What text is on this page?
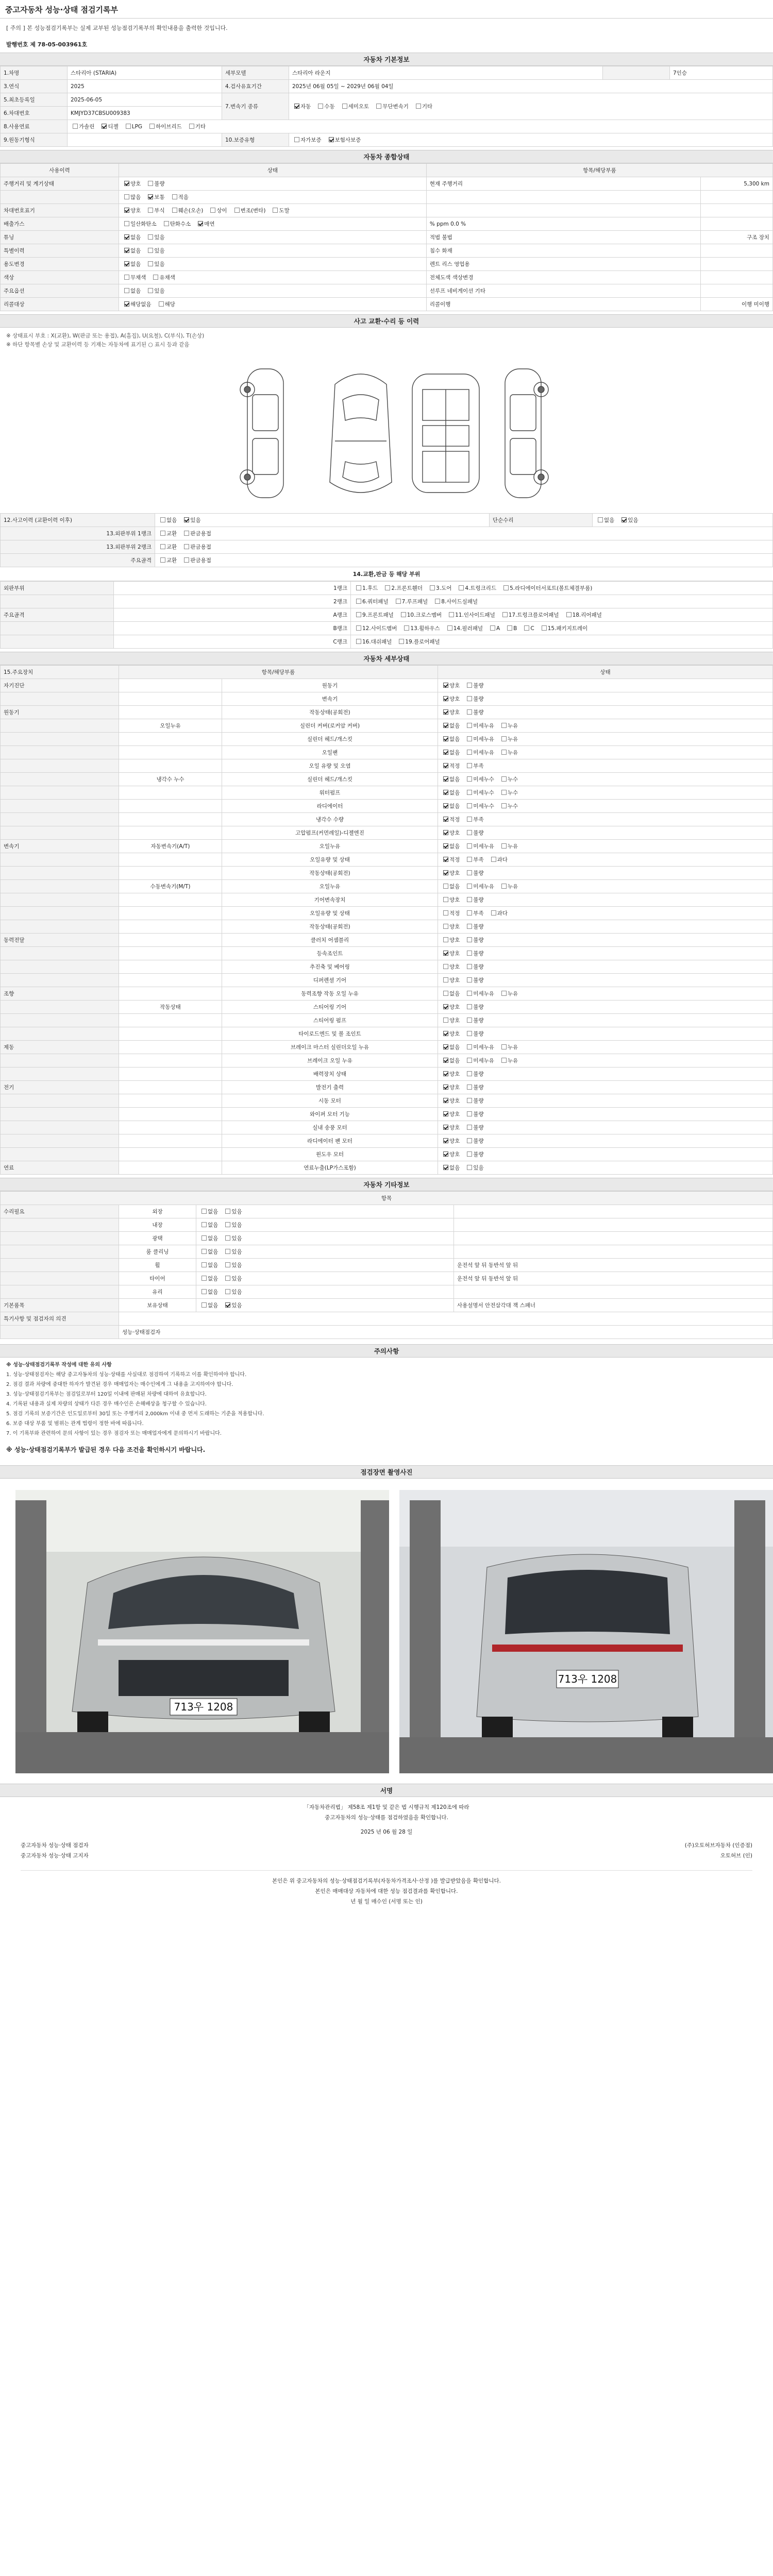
중고자동차 성능·상태 점검기록부
[ 주의 ] 본 성능점검기록부는 실제 교부된 성능점검기록부의 확인내용을 출력한 것입니다.
발행번호 제 78-05-003961호
자동차 기본정보
1.차명	스타리아 (STARIA)	세부모델	스타리아 라운지		7인승
3.연식	2025	4.검사유효기간	2025년 06월 05일 ~ 2029년 06월 04일		
5.최초등록일	2025-06-05	7.변속기 종류	자동 수동 세미오토 무단변속기 기타		
6.차대번호	KMJYD37CBSU009383				
8.사용연료	가솔린 디젤 LPG 하이브리드 기타				
9.원동기형식		10.보증유형	자가보증 보험사보증		
자동차 종합상태
사용이력	상태	항목/해당부품	
주행거리 및 계기상태	양호 불량	현재 주행거리	5,300 km
	많음 보통 적음		
차대번호표기	양호 부식 훼손(오손) 상이 변조(변타) 도말		
배출가스	일산화탄소 탄화수소 매연	% ppm 0.0 %	
튜닝	없음 있음	적법 불법	구조 장치
특별이력	없음 있음	침수 화재	
용도변경	없음 있음	렌트 리스 영업용	
색상	무채색 유채색	전체도색 색상변경	
주요옵션	없음 있음	선루프 네비게이션 기타	
리콜대상	해당없음 해당	리콜이행	이행 미이행
사고 교환·수리 등 이력
※ 상태표시 부호 : X(교환), W(판금 또는 용접), A(흠집), U(요철), C(부식), T(손상)
※ 하단 항목별 손상 및 교환이력 등 기재는 자동차에 표기된 ○ 표시 등과 같음
12.사고이력 (교환이력 이후)	없음 있음	단순수리	없음 있음
13.외판부위 1랭크	교환 판금용접		
13.외판부위 2랭크	교환 판금용접		
주요골격	교환 판금용접		
14.교환,판금 등 해당 부위
외판부위	1랭크	1.후드 2.프론트휀더 3.도어 4.트렁크리드 5.라디에이터서포트(볼트체결부품)
	2랭크	6.쿼터패널 7.루프패널 8.사이드실패널
주요골격	A랭크	9.프론트패널 10.크로스멤버 11.인사이드패널 17.트렁크플로어패널 18.리어패널
	B랭크	12.사이드멤버 13.휠하우스 14.필러패널 A B C 15.패키지트레이
	C랭크	16.대쉬패널 19.플로어패널
자동차 세부상태
15.주요장치	항목/해당부품		상태
자기진단		원동기	양호 불량
		변속기	양호 불량
원동기		작동상태(공회전)	양호 불량
	오일누유	실린더 커버(로커암 커버)	없음 미세누유 누유
		실린더 헤드/개스킷	없음 미세누유 누유
		오일팬	없음 미세누유 누유
		오일 유량 및 오염	적정 부족
	냉각수 누수	실린더 헤드/개스킷	없음 미세누수 누수
		워터펌프	없음 미세누수 누수
		라디에이터	없음 미세누수 누수
		냉각수 수량	적정 부족
		고압펌프(커먼레일)-디젤엔진	양호 불량
변속기	자동변속기(A/T)	오일누유	없음 미세누유 누유
		오일유량 및 상태	적정 부족 과다
		작동상태(공회전)	양호 불량
	수동변속기(M/T)	오일누유	없음 미세누유 누유
		기어변속장치	양호 불량
		오일유량 및 상태	적정 부족 과다
		작동상태(공회전)	양호 불량
동력전달		클러치 어셈블리	양호 불량
		등속조인트	양호 불량
		추진축 및 베어링	양호 불량
		디퍼렌셜 기어	양호 불량
조향		동력조향 작동 오일 누유	없음 미세누유 누유
	작동상태	스티어링 기어	양호 불량
		스티어링 펌프	양호 불량
		타이로드엔드 및 볼 조인트	양호 불량
제동		브레이크 마스터 실린더오일 누유	없음 미세누유 누유
		브레이크 오일 누유	없음 미세누유 누유
		배력장치 상태	양호 불량
전기		발전기 출력	양호 불량
		시동 모터	양호 불량
		와이퍼 모터 기능	양호 불량
		실내 송풍 모터	양호 불량
		라디에이터 팬 모터	양호 불량
		윈도우 모터	양호 불량
연료		연료누출(LP가스포함)	없음 있음
자동차 기타정보
항목			
수리필요	외장	없음 있음	
	내장	없음 있음	
	광택	없음 있음	
	룸 클리닝	없음 있음	
	휠	없음 있음	운전석 앞 뒤 동반석 앞 뒤
	타이어	없음 있음	운전석 앞 뒤 동반석 앞 뒤
	유리	없음 있음	
기본품목	보유상태	없음 있음	사용설명서 안전삼각대 잭 스패너
특기사항 및 점검자의 의견			
	성능·상태점검자		
주의사항

※ 성능·상태점검기록부 작성에 대한 유의 사항

1. 성능·상태점검자는 해당 중고자동차의 성능·상태를 사실대로 점검하여 기록하고 이를 확인하여야 합니다.

2. 점검 결과 차량에 중대한 하자가 발견된 경우 매매업자는 매수인에게 그 내용을 고지하여야 합니다.

3. 성능·상태점검기록부는 점검일로부터 120일 이내에 판매된 차량에 대하여 유효합니다.

4. 기록된 내용과 실제 차량의 상태가 다른 경우 매수인은 손해배상을 청구할 수 있습니다.

5. 점검 기록의 보증기간은 인도일로부터 30일 또는 주행거리 2,000km 이내 중 먼저 도래하는 기준을 적용합니다.

6. 보증 대상 부품 및 범위는 관계 법령이 정한 바에 따릅니다.

7. 이 기록부와 관련하여 문의 사항이 있는 경우 점검자 또는 매매업자에게 문의하시기 바랍니다.

※ 성능·상태점검기록부가 발급된 경우 다음 조건을 확인하시기 바랍니다.
점검장면 촬영사진
713우 1208
713우 1208
서명
「자동차관리법」 제58조 제1항 및 같은 법 시행규칙 제120조에 따라
중고자동차의 성능·상태를 점검하였음을 확인합니다.
2025 년 06 월 28 일
중고자동차 성능·상태 점검자	(주)오토허브자동차 (인증점)
중고자동차 성능·상태 고지자	오토허브 (인)
본인은 위 중고자동차의 성능·상태점검기록부(자동차가격조사·산정 )를 발급받았음을 확인합니다.
본인은 매매대상 자동차에 대한 성능 점검결과를 확인합니다.
년 월 일 매수인 (서명 또는 인)
